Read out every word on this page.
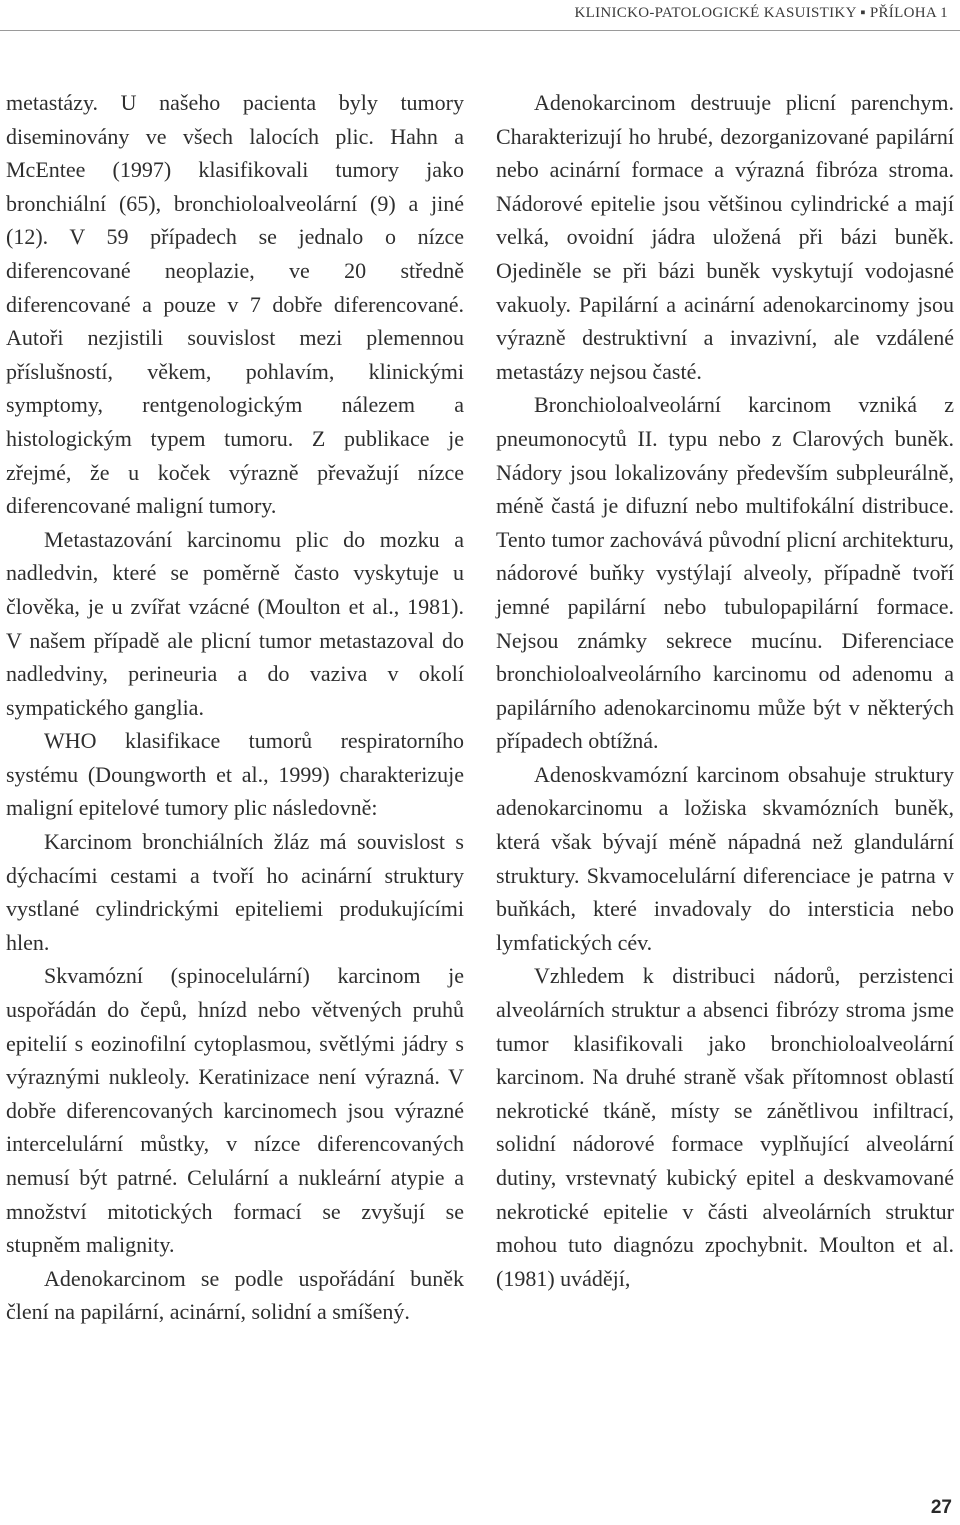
KLINICKO-PATOLOGICKÉ KASUISTIKY ▪ PŘÍLOHA 1

metastázy. U našeho pacienta byly tumory diseminovány ve všech lalocích plic. Hahn a McEntee (1997) klasifikovali tumory jako bronchiální (65), bronchioloalveolární (9) a jiné (12). V 59 případech se jednalo o nízce diferencované neoplazie, ve 20 středně diferencované a pouze v 7 dobře diferencované. Autoři nezjistili souvislost mezi plemennou příslušností, věkem, pohlavím, klinickými symptomy, rentgenologickým nálezem a histologickým typem tumoru. Z publikace je zřejmé, že u koček výrazně převažují nízce diferencované maligní tumory.

Metastazování karcinomu plic do mozku a nadledvin, které se poměrně často vyskytuje u člověka, je u zvířat vzácné (Moulton et al., 1981). V našem případě ale plicní tumor metastazoval do nadledviny, perineuria a do vaziva v okolí sympatického ganglia.

WHO klasifikace tumorů respiratorního systému (Doungworth et al., 1999) charakterizuje maligní epitelové tumory plic následovně:

Karcinom bronchiálních žláz má souvislost s dýchacími cestami a tvoří ho acinární struktury vystlané cylindrickými epiteliemi produkujícími hlen.

Skvamózní (spinocelulární) karcinom je uspořádán do čepů, hnízd nebo větvených pruhů epitelií s eozinofilní cytoplasmou, světlými jádry s výraznými nukleoly. Keratinizace není výrazná. V dobře diferencovaných karcinomech jsou výrazné intercelulární můstky, v nízce diferencovaných nemusí být patrné. Celulární a nukleární atypie a množství mitotických formací se zvyšují se stupněm malignity.

Adenokarcinom se podle uspořádání buněk člení na papilární, acinární, solidní a smíšený.

Adenokarcinom destruuje plicní parenchym. Charakterizují ho hrubé, dezorganizované papilární nebo acinární formace a výrazná fibróza stroma. Nádorové epitelie jsou většinou cylindrické a mají velká, ovoidní jádra uložená při bázi buněk. Ojediněle se při bázi buněk vyskytují vodojasné vakuoly. Papilární a acinární adenokarcinomy jsou výrazně destruktivní a invazivní, ale vzdálené metastázy nejsou časté.

Bronchioloalveolární karcinom vzniká z pneumonocytů II. typu nebo z Clarových buněk. Nádory jsou lokalizovány především subpleurálně, méně častá je difuzní nebo multifokální distribuce. Tento tumor zachovává původní plicní architekturu, nádorové buňky vystýlají alveoly, případně tvoří jemné papilární nebo tubulopapilární formace. Nejsou známky sekrece mucínu. Diferenciace bronchioloalveolárního karcinomu od adenomu a papilárního adenokarcinomu může být v některých případech obtížná.

Adenoskvamózní karcinom obsahuje struktury adenokarcinomu a ložiska skvamózních buněk, která však bývají méně nápadná než glandulární struktury. Skvamocelulární diferenciace je patrna v buňkách, které invadovaly do intersticia nebo lymfatických cév.

Vzhledem k distribuci nádorů, perzistenci alveolárních struktur a absenci fibrózy stroma jsme tumor klasifikovali jako bronchioloalveolární karcinom. Na druhé straně však přítomnost oblastí nekrotické tkáně, místy se zánětlivou infiltrací, solidní nádorové formace vyplňující alveolární dutiny, vrstevnatý kubický epitel a deskvamované nekrotické epitelie v části alveolárních struktur mohou tuto diagnózu zpochybnit. Moulton et al. (1981) uvádějí,

27
